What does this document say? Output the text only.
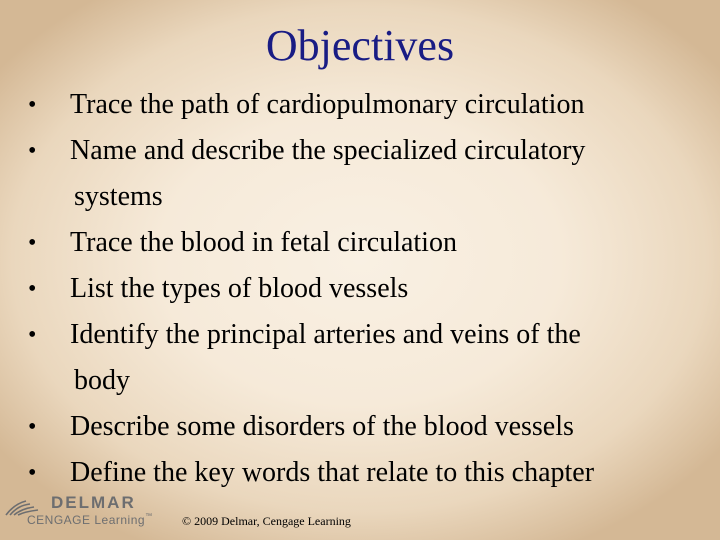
Objectives
•	Trace the path of cardiopulmonary circulation
•	Name and describe the specialized circulatory
systems
•	Trace the blood in fetal circulation
•	List the types of blood vessels
•	Identify the principal arteries and veins of the
body
•	Describe some disorders of the blood vessels
•	Define the key words that relate to this chapter
DELMAR
CENGAGE Learning™ © 2009 Delmar, Cengage Learning
